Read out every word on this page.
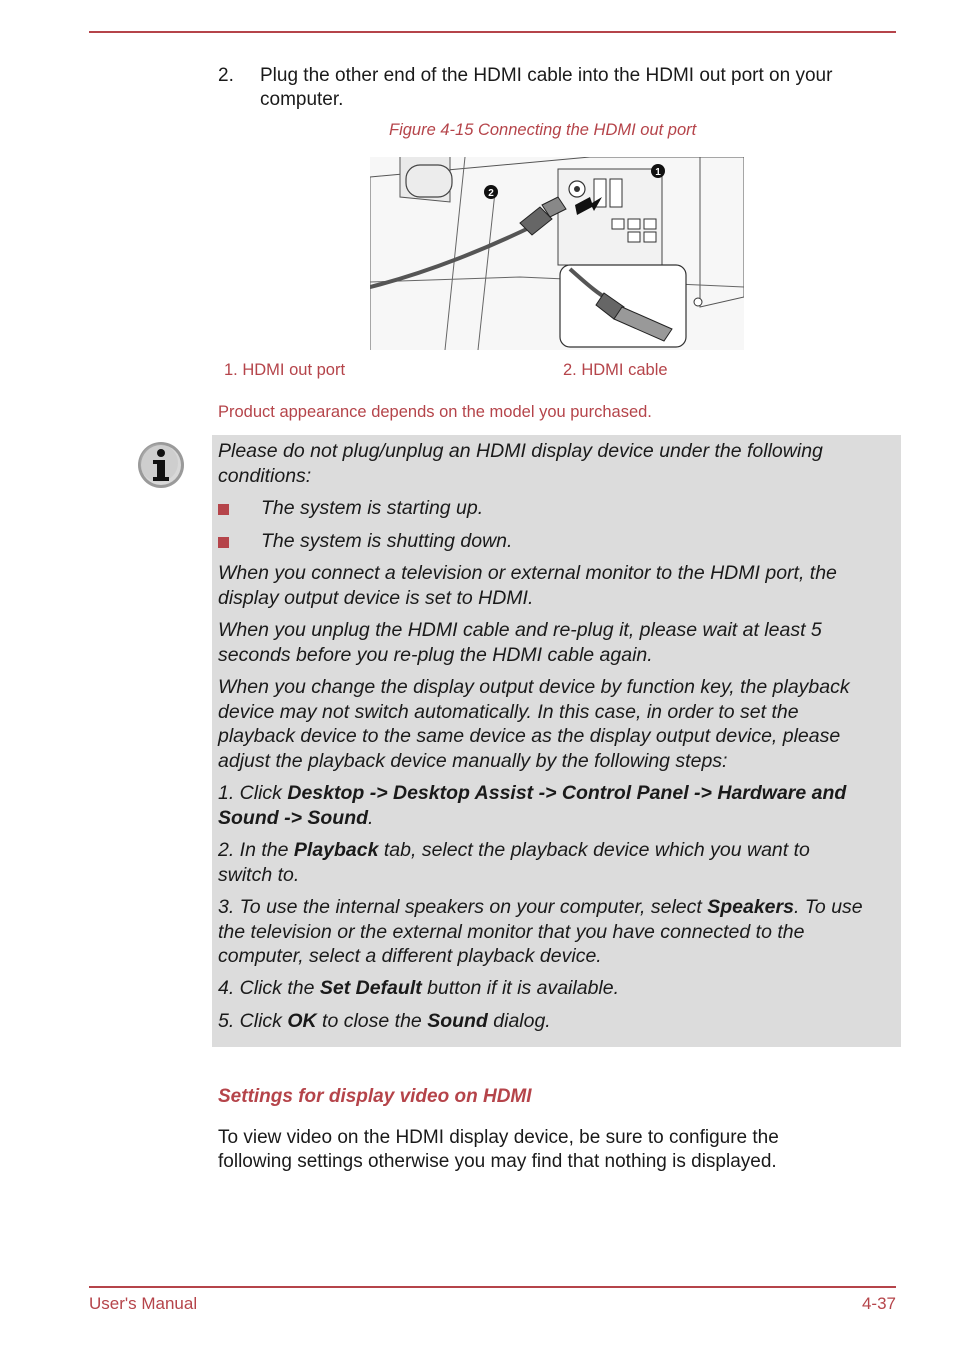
2. Plug the other end of the HDMI cable into the HDMI out port on your
computer.
Figure 4-15 Connecting the HDMI out port
1
2
1. HDMI out port	2. HDMI cable
Product appearance depends on the model you purchased.

Please do not plug/unplug an HDMI display device under the following
conditions:

The system is starting up.

The system is shutting down.

When you connect a television or external monitor to the HDMI port, the
display output device is set to HDMI.

When you unplug the HDMI cable and re-plug it, please wait at least 5
seconds before you re-plug the HDMI cable again.

When you change the display output device by function key, the playback
device may not switch automatically. In this case, in order to set the
playback device to the same device as the display output device, please
adjust the playback device manually by the following steps:

1. Click Desktop -> Desktop Assist -> Control Panel -> Hardware and
Sound -> Sound.

2. In the Playback tab, select the playback device which you want to
switch to.

3. To use the internal speakers on your computer, select Speakers. To use
the television or the external monitor that you have connected to the
computer, select a different playback device.

4. Click the Set Default button if it is available.

5. Click OK to close the Sound dialog.

Settings for display video on HDMI
To view video on the HDMI display device, be sure to configure the
following settings otherwise you may find that nothing is displayed.
User's Manual	4-37
